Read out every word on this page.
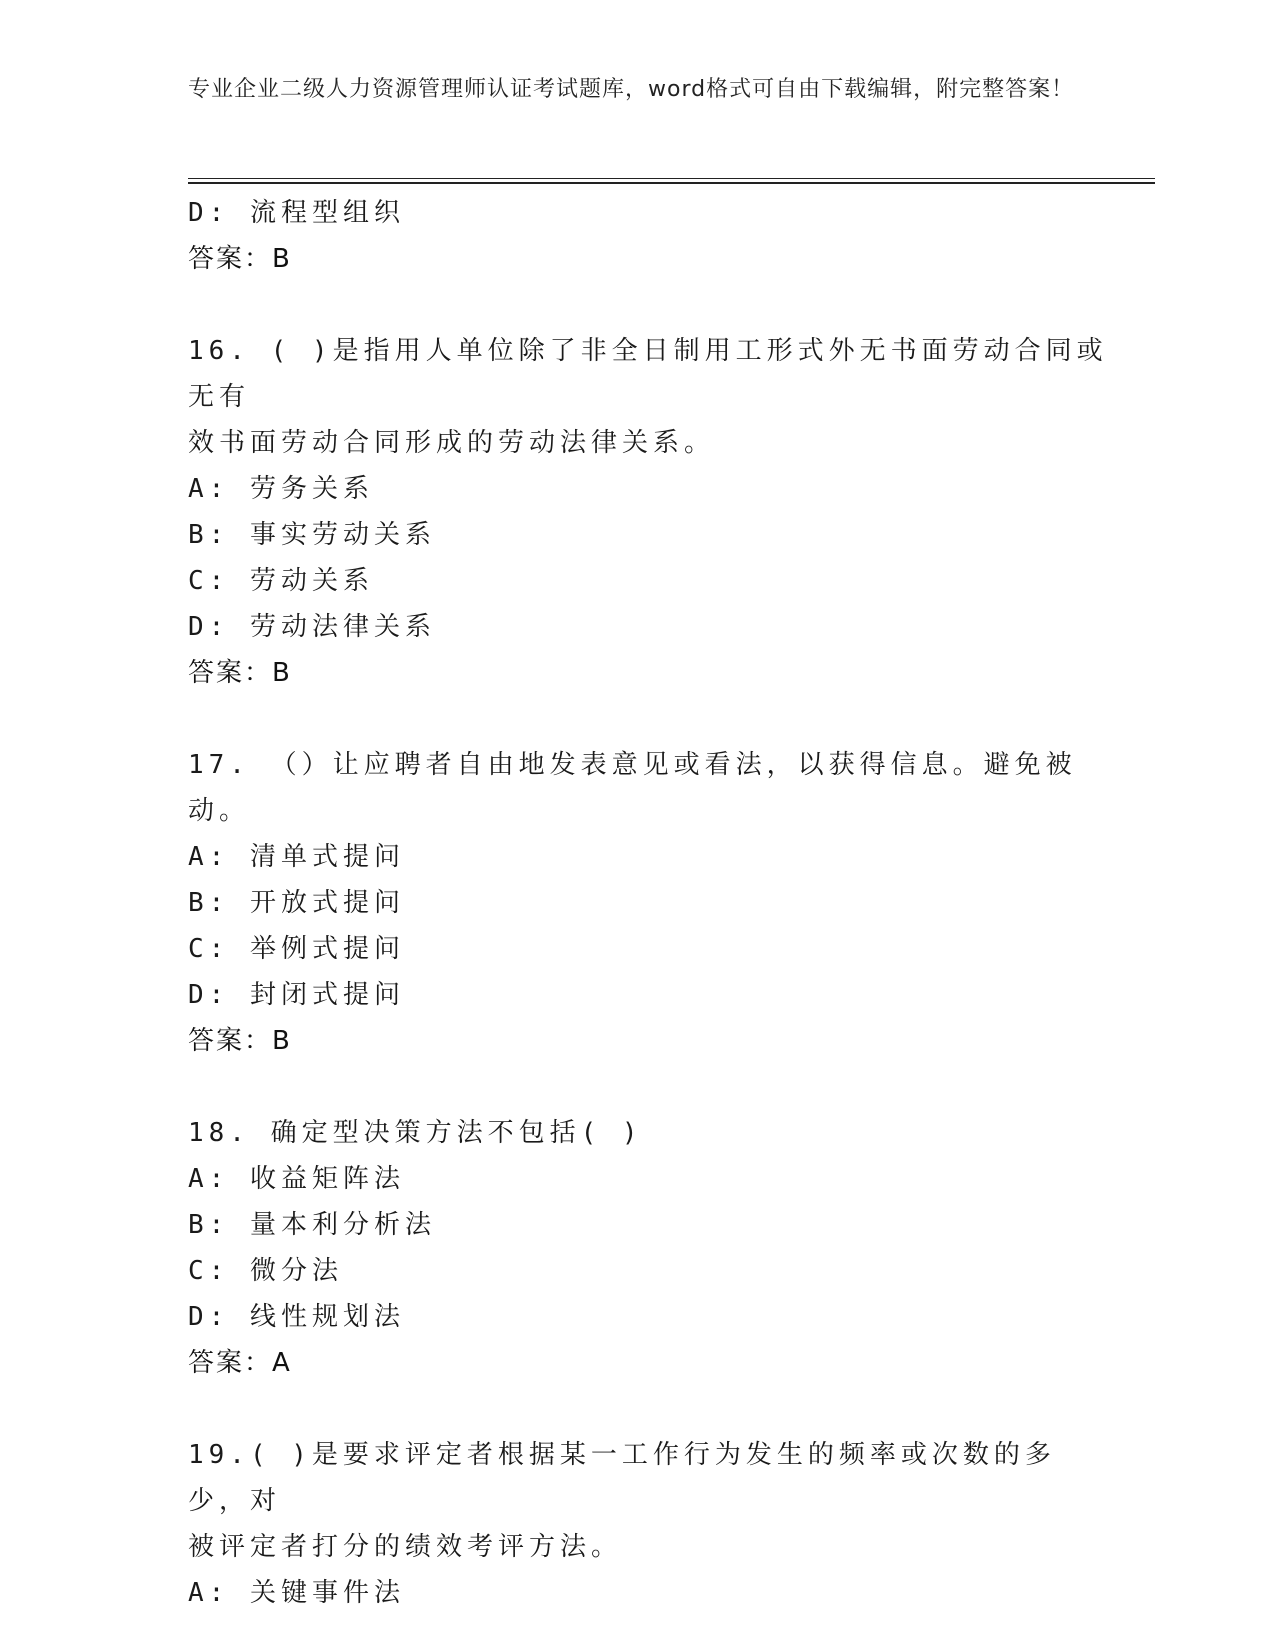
专业企业二级人力资源管理师认证考试题库，word格式可自由下载编辑，附完整答案！
D: 流程型组织
答案：B
16. ( )是指用人单位除了非全日制用工形式外无书面劳动合同或无有
效书面劳动合同形成的劳动法律关系。
A: 劳务关系
B: 事实劳动关系
C: 劳动关系
D: 劳动法律关系
答案：B
17. （）让应聘者自由地发表意见或看法，以获得信息。避免被动。
A: 清单式提问
B: 开放式提问
C: 举例式提问
D: 封闭式提问
答案：B
18. 确定型决策方法不包括( )
A: 收益矩阵法
B: 量本利分析法
C: 微分法
D: 线性规划法
答案：A
19.( )是要求评定者根据某一工作行为发生的频率或次数的多少，对
被评定者打分的绩效考评方法。
A: 关键事件法
